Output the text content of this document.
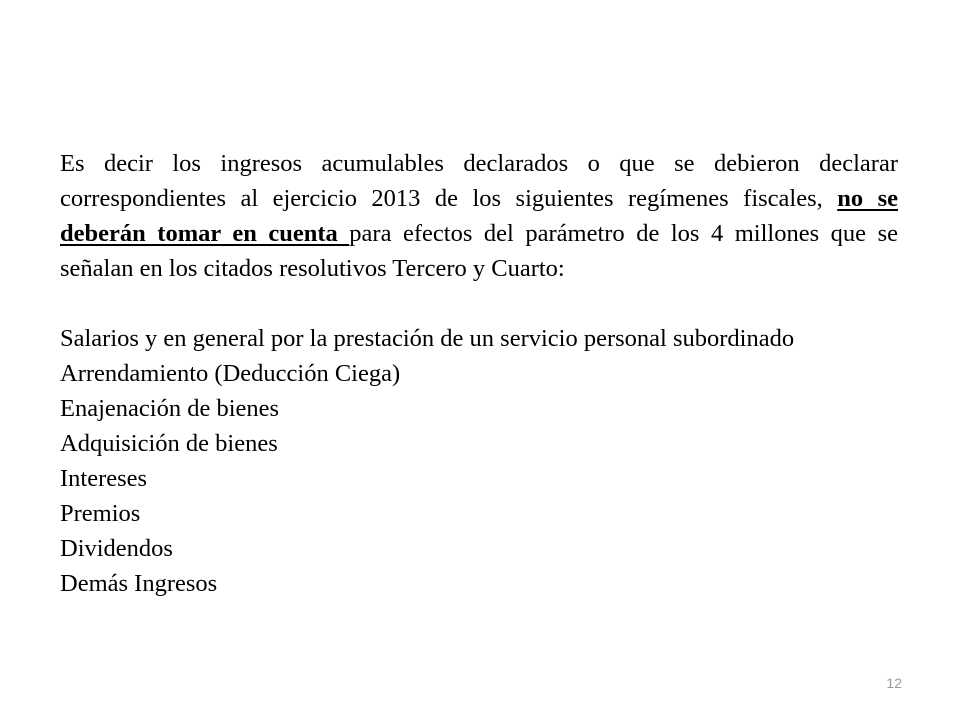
Es decir los ingresos acumulables declarados o que se debieron declarar correspondientes al ejercicio 2013 de los siguientes regímenes fiscales, no se deberán tomar en cuenta para efectos del parámetro de los 4 millones que se señalan en los citados resolutivos Tercero y Cuarto:

Salarios y en general por la prestación de un servicio personal subordinado
Arrendamiento (Deducción Ciega)
Enajenación de bienes
Adquisición de bienes
Intereses
Premios
Dividendos
Demás Ingresos
12
